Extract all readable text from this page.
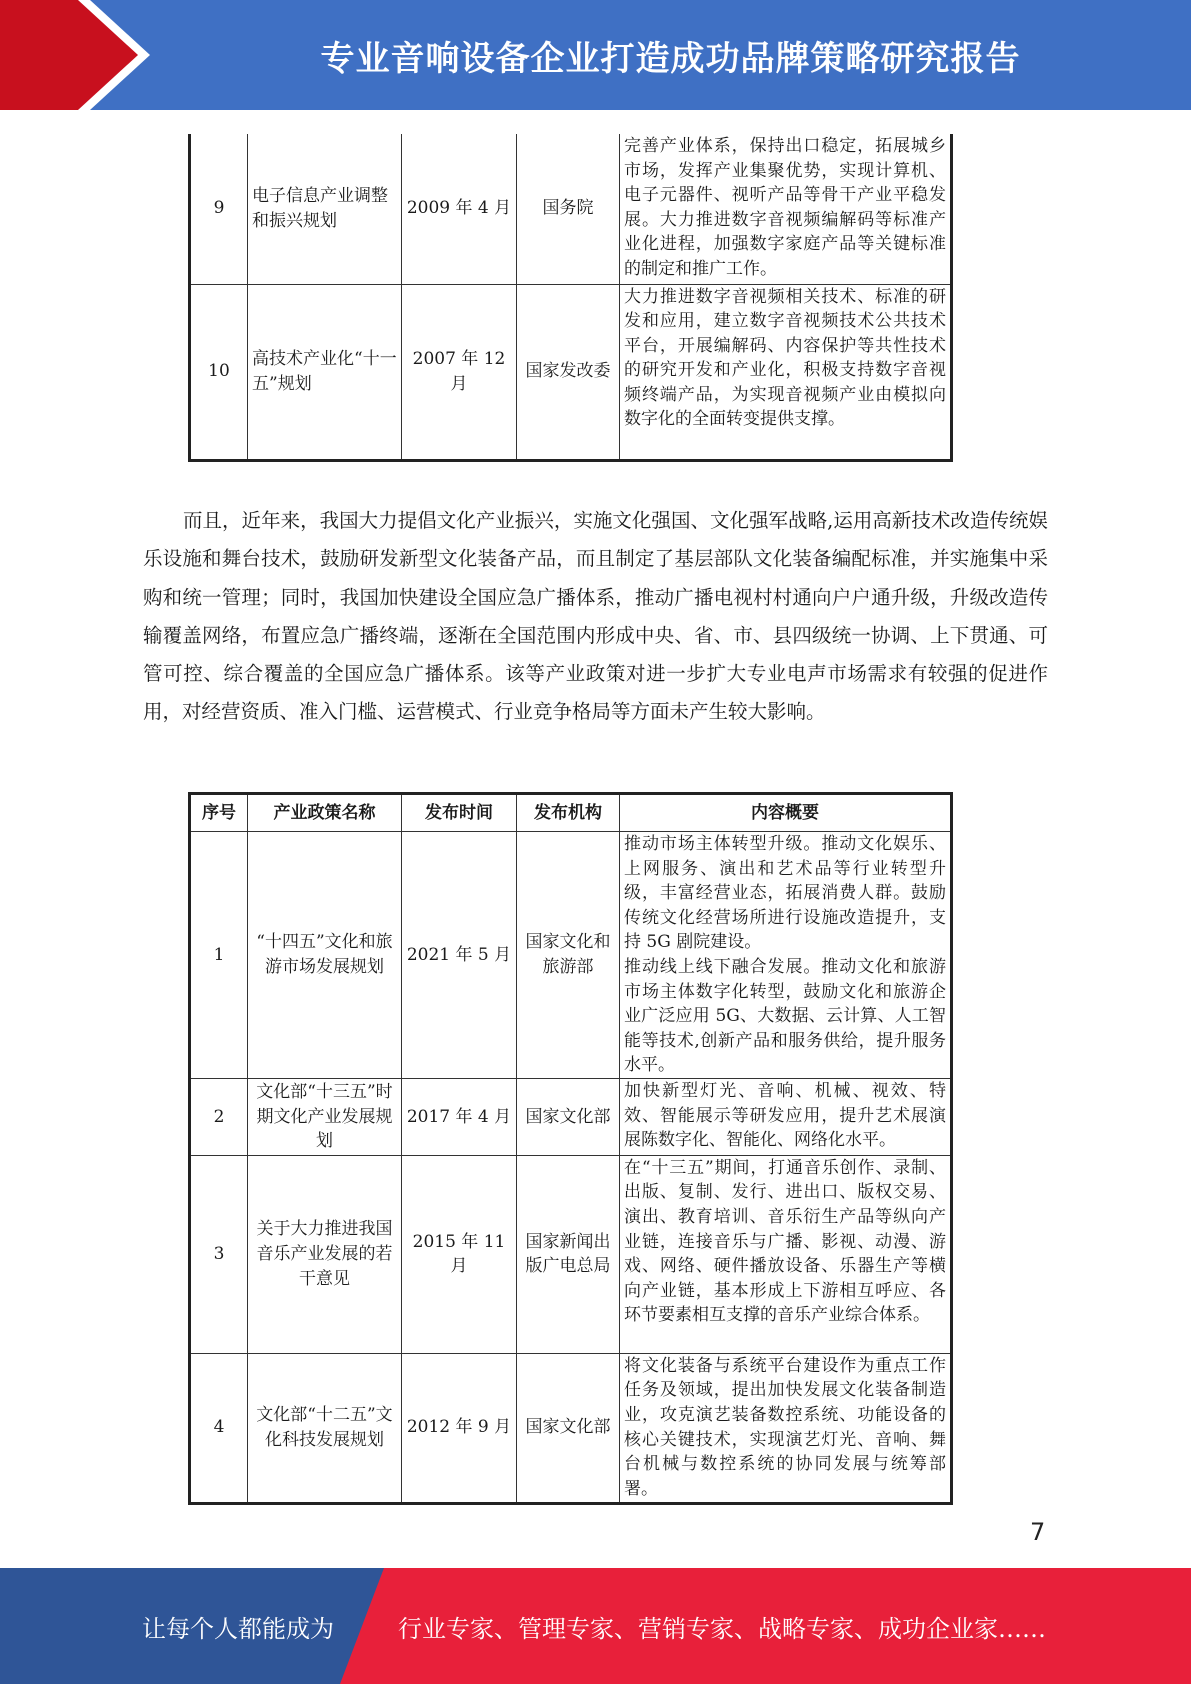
专业音响设备企业打造成功品牌策略研究报告
9	电子信息产业调整和振兴规划	2009 年 4 月	国务院	完善产业体系，保持出口稳定，拓展城乡市场，发挥产业集聚优势，实现计算机、电子元器件、视听产品等骨干产业平稳发展。大力推进数字音视频编解码等标准产业化进程，加强数字家庭产品等关键标准的制定和推广工作。
10	高技术产业化“十一五”规划	2007 年 12 月	国家发改委	大力推进数字音视频相关技术、标准的研发和应用，建立数字音视频技术公共技术平台，开展编解码、内容保护等共性技术的研究开发和产业化，积极支持数字音视频终端产品，为实现音视频产业由模拟向数字化的全面转变提供支撑。

而且，近年来，我国大力提倡文化产业振兴，实施文化强国、文化强军战略,运用高新技术改造传统娱乐设施和舞台技术，鼓励研发新型文化装备产品，而且制定了基层部队文化装备编配标准，并实施集中采购和统一管理；同时，我国加快建设全国应急广播体系，推动广播电视村村通向户户通升级，升级改造传输覆盖网络，布置应急广播终端，逐渐在全国范围内形成中央、省、市、县四级统一协调、上下贯通、可管可控、综合覆盖的全国应急广播体系。该等产业政策对进一步扩大专业电声市场需求有较强的促进作用，对经营资质、准入门槛、运营模式、行业竞争格局等方面未产生较大影响。

序号	产业政策名称	发布时间	发布机构	内容概要
1	“十四五”文化和旅游市场发展规划	2021 年 5 月	国家文化和旅游部	推动市场主体转型升级。推动文化娱乐、上网服务、演出和艺术品等行业转型升级，丰富经营业态，拓展消费人群。鼓励传统文化经营场所进行设施改造提升，支持 5G 剧院建设。
推动线上线下融合发展。推动文化和旅游市场主体数字化转型，鼓励文化和旅游企业广泛应用 5G、大数据、云计算、人工智能等技术,创新产品和服务供给，提升服务水平。

2	文化部“十三五”时期文化产业发展规划	2017 年 4 月	国家文化部	加快新型灯光、音响、机械、视效、特效、智能展示等研发应用，提升艺术展演展陈数字化、智能化、网络化水平。
3	关于大力推进我国音乐产业发展的若干意见	2015 年 11 月	国家新闻出版广电总局	在“十三五”期间，打通音乐创作、录制、出版、复制、发行、进出口、版权交易、演出、教育培训、音乐衍生产品等纵向产业链，连接音乐与广播、影视、动漫、游戏、网络、硬件播放设备、乐器生产等横向产业链，基本形成上下游相互呼应、各环节要素相互支撑的音乐产业综合体系。
4	文化部“十二五”文化科技发展规划	2012 年 9 月	国家文化部	将文化装备与系统平台建设作为重点工作任务及领域，提出加快发展文化装备制造业，攻克演艺装备数控系统、功能设备的核心关键技术，实现演艺灯光、音响、舞台机械与数控系统的协同发展与统筹部署。
7
让每个人都能成为	行业专家、管理专家、营销专家、战略专家、成功企业家……
